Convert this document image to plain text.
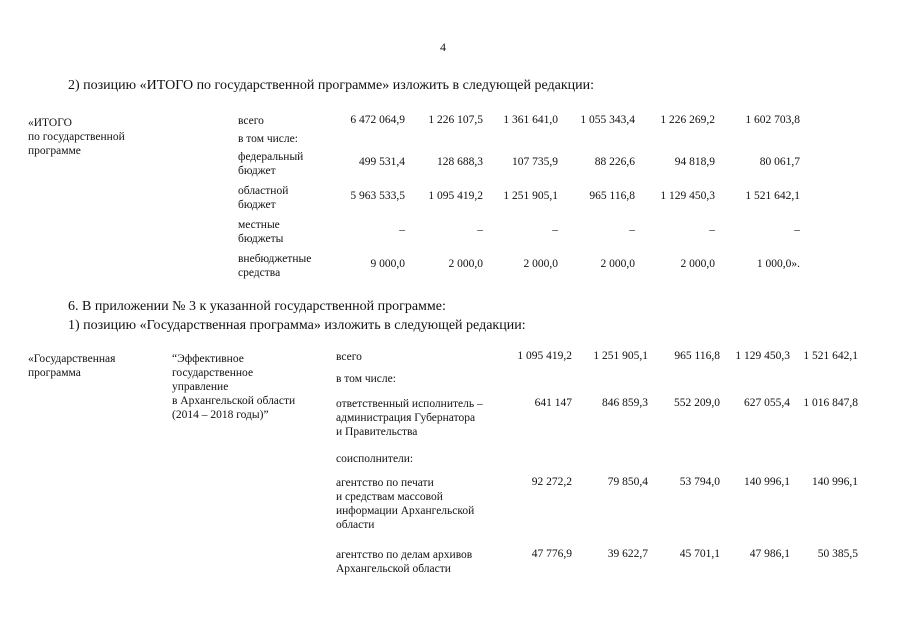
4
2) позицию «ИТОГО по государственной программе» изложить в следующей редакции:
«ИТОГО
по государственной
программе
всего	6 472 064,9	1 226 107,5	1 361 641,0	1 055 343,4	1 226 269,2	1 602 703,8
в том числе:
федеральный
бюджет
499 531,4	128 688,3	107 735,9	88 226,6	94 818,9	80 061,7
областной
бюджет
5 963 533,5	1 095 419,2	1 251 905,1	965 116,8	1 129 450,3	1 521 642,1
местные
бюджеты
–	–	–	–	–	–
внебюджетные
средства
9 000,0	2 000,0	2 000,0	2 000,0	2 000,0	1 000,0».
6. В приложении № 3 к указанной государственной программе:
1) позицию «Государственная программа» изложить в следующей редакции:
«Государственная
программа
“Эффективное
государственное
управление
в Архангельской области
(2014 – 2018 годы)”
всего	1 095 419,2	1 251 905,1	965 116,8	1 129 450,3	1 521 642,1
в том числе:
ответственный исполнитель –
администрация Губернатора
и Правительства
641 147	846 859,3	552 209,0	627 055,4	1 016 847,8
соисполнители:
агентство по печати
и средствам массовой
информации Архангельской
области
92 272,2	79 850,4	53 794,0	140 996,1	140 996,1
агентство по делам архивов
Архангельской области
47 776,9	39 622,7	45 701,1	47 986,1	50 385,5
